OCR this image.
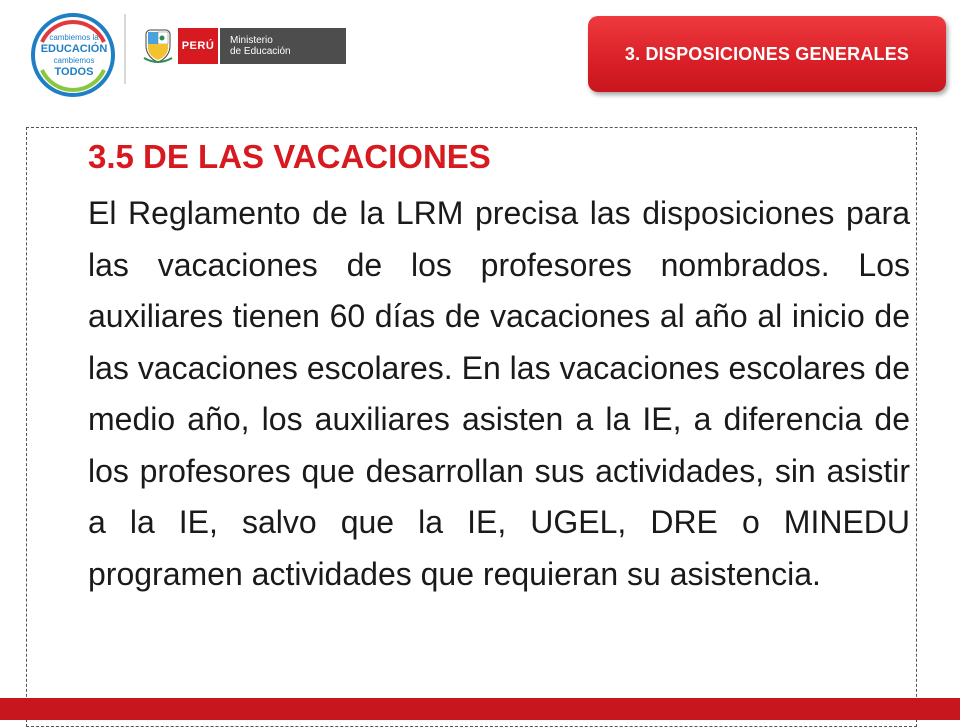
cambiemos la
EDUCACIÓN
cambiemos
TODOS
PERÚ	Ministerio
de Educación	3. DISPOSICIONES GENERALES
3.5 DE LAS VACACIONES

El Reglamento de la LRM precisa las disposiciones para las vacaciones de los profesores nombrados. Los auxiliares tienen 60 días de vacaciones al año al inicio de las vacaciones escolares. En las vacaciones escolares de medio año, los auxiliares asisten a la IE, a diferencia de los profesores que desarrollan sus actividades, sin asistir a la IE, salvo que la IE, UGEL, DRE o MINEDU programen actividades que requieran su asistencia.
